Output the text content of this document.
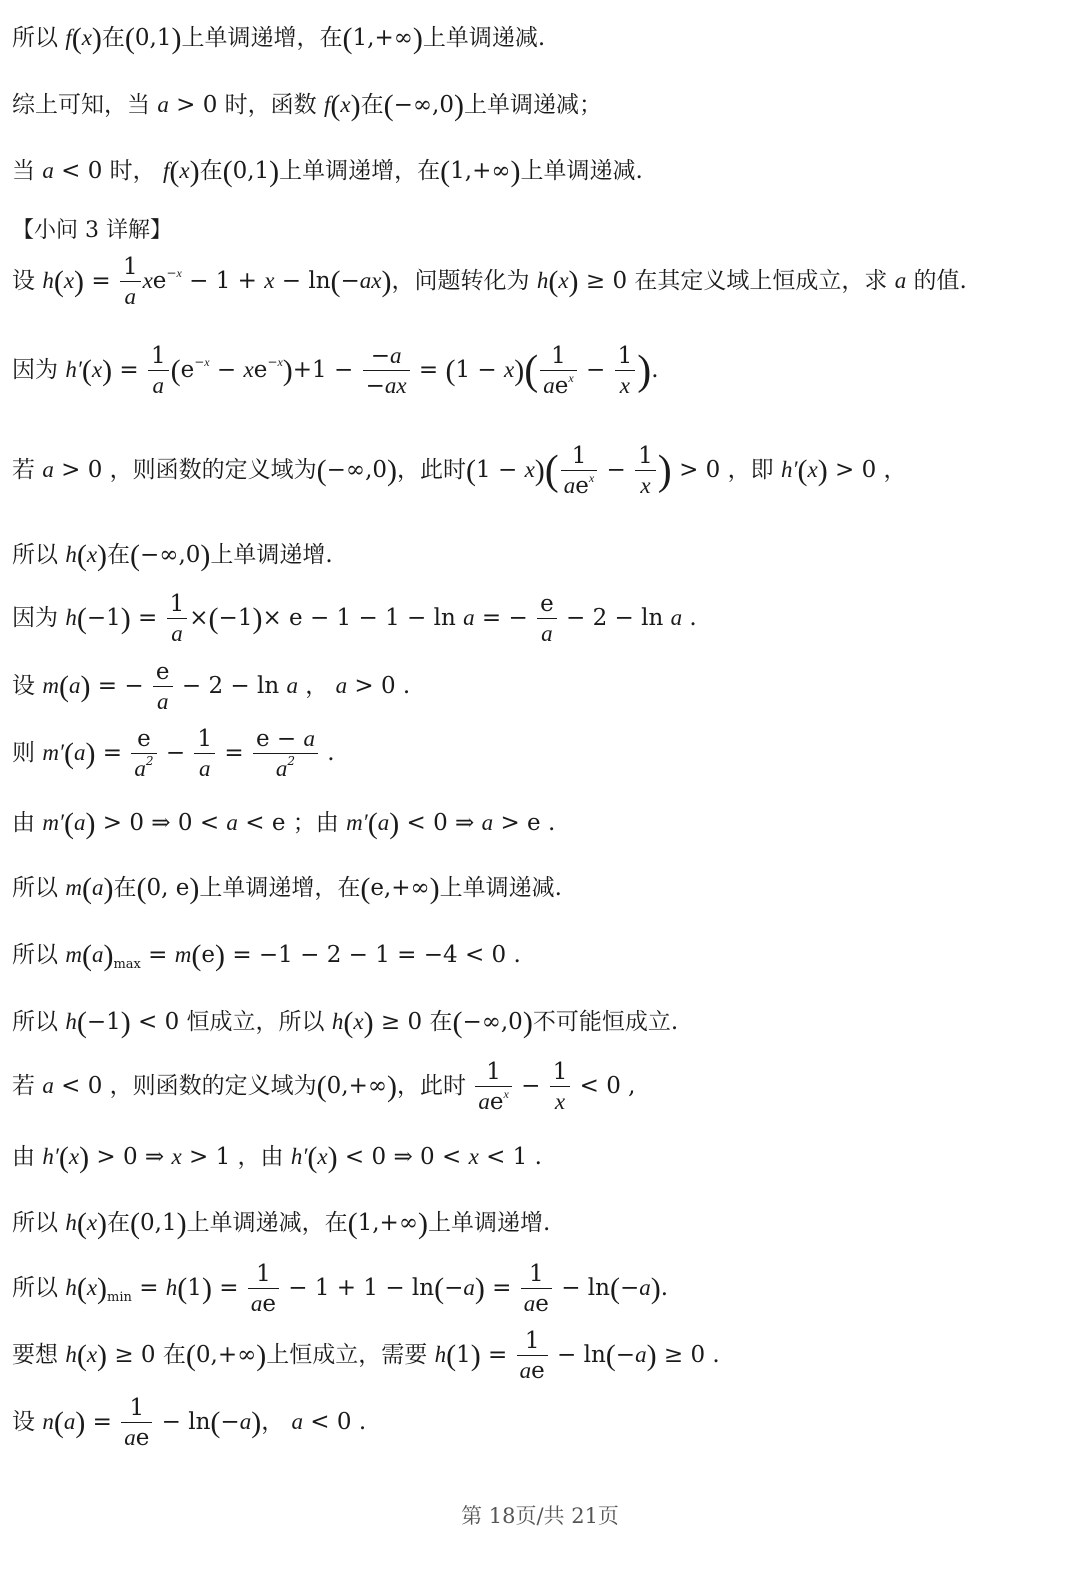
所以 f(x)在(0,1)上单调递增，在(1,+∞)上单调递减.
综上可知，当 a > 0 时，函数 f(x)在(−∞,0)上单调递减；
当 a < 0 时， f(x)在(0,1)上单调递增，在(1,+∞)上单调递减.
【小问 3 详解】
设 $h(x) = \frac{1}{a} xe^{-x} - 1 + x - \ln(-ax)$，问题转化为 h(x) ≥ 0 在其定义域上恒成立，求 a 的值.
因为 $h'(x) = \frac{1}{a} (e^{-x} - xe^{-x})+1 - \frac{-a}{-ax} = (1 - x)( \frac{1}{ae^x} - \frac{1}{x}$ ).
若 a > 0 ，则函数的定义域为(−∞,0)，此时$(1 - x)( \frac{1}{ae^x} - \frac{1}{x}$ ) > 0 ，即 h′(x) > 0 ，
所以 h(x)在(−∞,0)上单调递增.
因为 $h(-1) = \frac{1}{a} \times(-1)\times e - 1 - 1 - \ln a$ = − $\frac{e}{a} - 2 - \ln a$ .
设 m(a) = − $\frac{e}{a} - 2 - \ln a$ ， a > 0 .
则 $m'(a) = \frac{e}{a^2} - \frac{1}{a} = \frac{e - a}{a^2}$ .
由 m′(a) > 0 ⇒ 0 < a < e ；由 m′(a) < 0 ⇒ a > e .
所以 m(a)在(0, e)上单调递增，在(e,+∞)上单调递减.
所以 $m(a)_{max} = m(e) = -1 - 2 - 1 = -4 < 0$ .
所以 h(−1) < 0 恒成立，所以 h(x) ≥ 0 在(−∞,0)不可能恒成立.
若 a < 0 ，则函数的定义域为(0,+∞)，此时 $\frac{1}{ae^x} - \frac{1}{x} < 0$ ,
由 h′(x) > 0 ⇒ x > 1 ，由 h′(x) < 0 ⇒ 0 < x < 1 .
所以 h(x)在(0,1)上单调递减，在(1,+∞)上单调递增.
所以 $h(x)_{min} = h(1) = \frac{1}{ae} - 1 + 1 - \ln(-a) = \frac{1}{ae} - \ln(-a)$.
要想 h(x) ≥ 0 在(0,+∞)上恒成立，需要 $h(1) = \frac{1}{ae} - \ln(-a) \ge 0$ .
设 $n(a) = \frac{1}{ae} - \ln(-a)$， a < 0 .
第 18页/共 21页
